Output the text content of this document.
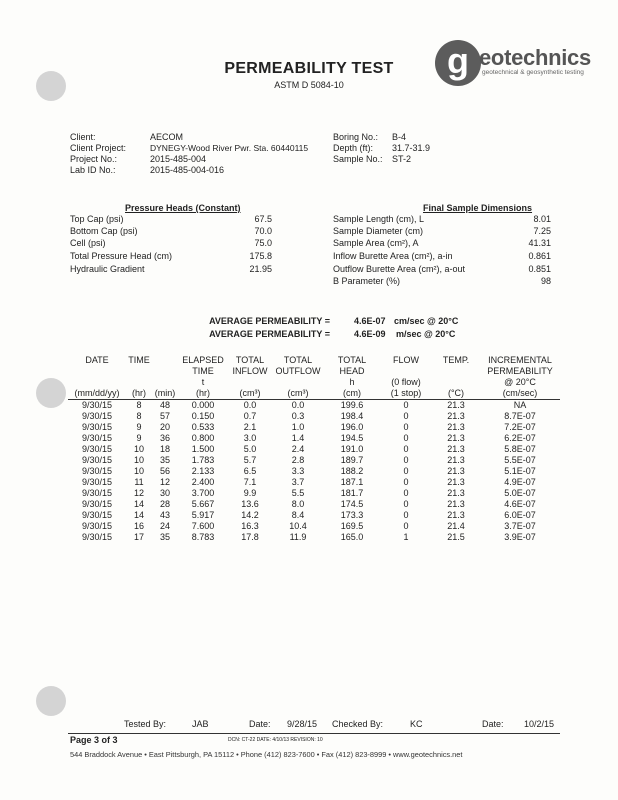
PERMEABILITY TEST
ASTM D 5084-10
g eotechnics
geotechnical & geosynthetic testing
Client:	AECOM
Client Project:	DYNEGY-Wood River Pwr. Sta. 60440115
Project No.:	2015-485-004
Lab ID No.:	2015-485-004-016
Boring No.: B-4
Depth (ft): 31.7-31.9
Sample No.: ST-2
Pressure Heads (Constant)
Top Cap (psi)	67.5
Bottom Cap (psi)	70.0
Cell (psi)	75.0
Total Pressure Head (cm)	175.8
Hydraulic Gradient	21.95
Final Sample Dimensions
Sample Length (cm), L	8.01
Sample Diameter (cm)	7.25
Sample Area (cm²), A	41.31
Inflow Burette Area (cm²), a-in	0.861
Outflow Burette Area (cm²), a-out	0.851
B Parameter (%)	98
AVERAGE PERMEABILITY =	4.6E-07 cm/sec @ 20°C
AVERAGE PERMEABILITY =	4.6E-09 m/sec @ 20°C
DATE	TIME		ELAPSED	TOTAL	TOTAL	TOTAL	FLOW	TEMP.	INCREMENTAL
			TIME	INFLOW	OUTFLOW	HEAD			PERMEABILITY
			t			h	(0 flow)		@ 20°C
(mm/dd/yy)	(hr)	(min)	(hr)	(cm³)	(cm³)	(cm)	(1 stop)	(°C)	(cm/sec)
9/30/15	8	48	0.000	0.0	0.0	199.6	0	21.3	NA
9/30/15	8	57	0.150	0.7	0.3	198.4	0	21.3	8.7E-07
9/30/15	9	20	0.533	2.1	1.0	196.0	0	21.3	7.2E-07
9/30/15	9	36	0.800	3.0	1.4	194.5	0	21.3	6.2E-07
9/30/15	10	18	1.500	5.0	2.4	191.0	0	21.3	5.8E-07
9/30/15	10	35	1.783	5.7	2.8	189.7	0	21.3	5.5E-07
9/30/15	10	56	2.133	6.5	3.3	188.2	0	21.3	5.1E-07
9/30/15	11	12	2.400	7.1	3.7	187.1	0	21.3	4.9E-07
9/30/15	12	30	3.700	9.9	5.5	181.7	0	21.3	5.0E-07
9/30/15	14	28	5.667	13.6	8.0	174.5	0	21.3	4.6E-07
9/30/15	14	43	5.917	14.2	8.4	173.3	0	21.3	6.0E-07
9/30/15	16	24	7.600	16.3	10.4	169.5	0	21.4	3.7E-07
9/30/15	17	35	8.783	17.8	11.9	165.0	1	21.5	3.9E-07
Tested By:	JAB	Date: 9/28/15 Checked By:	KC	Date: 10/2/15
Page 3 of 3	DCN: CT-22 DATE: 4/10/13 REVISION: 10
544 Braddock Avenue • East Pittsburgh, PA 15112 • Phone (412) 823-7600 • Fax (412) 823-8999 • www.geotechnics.net
